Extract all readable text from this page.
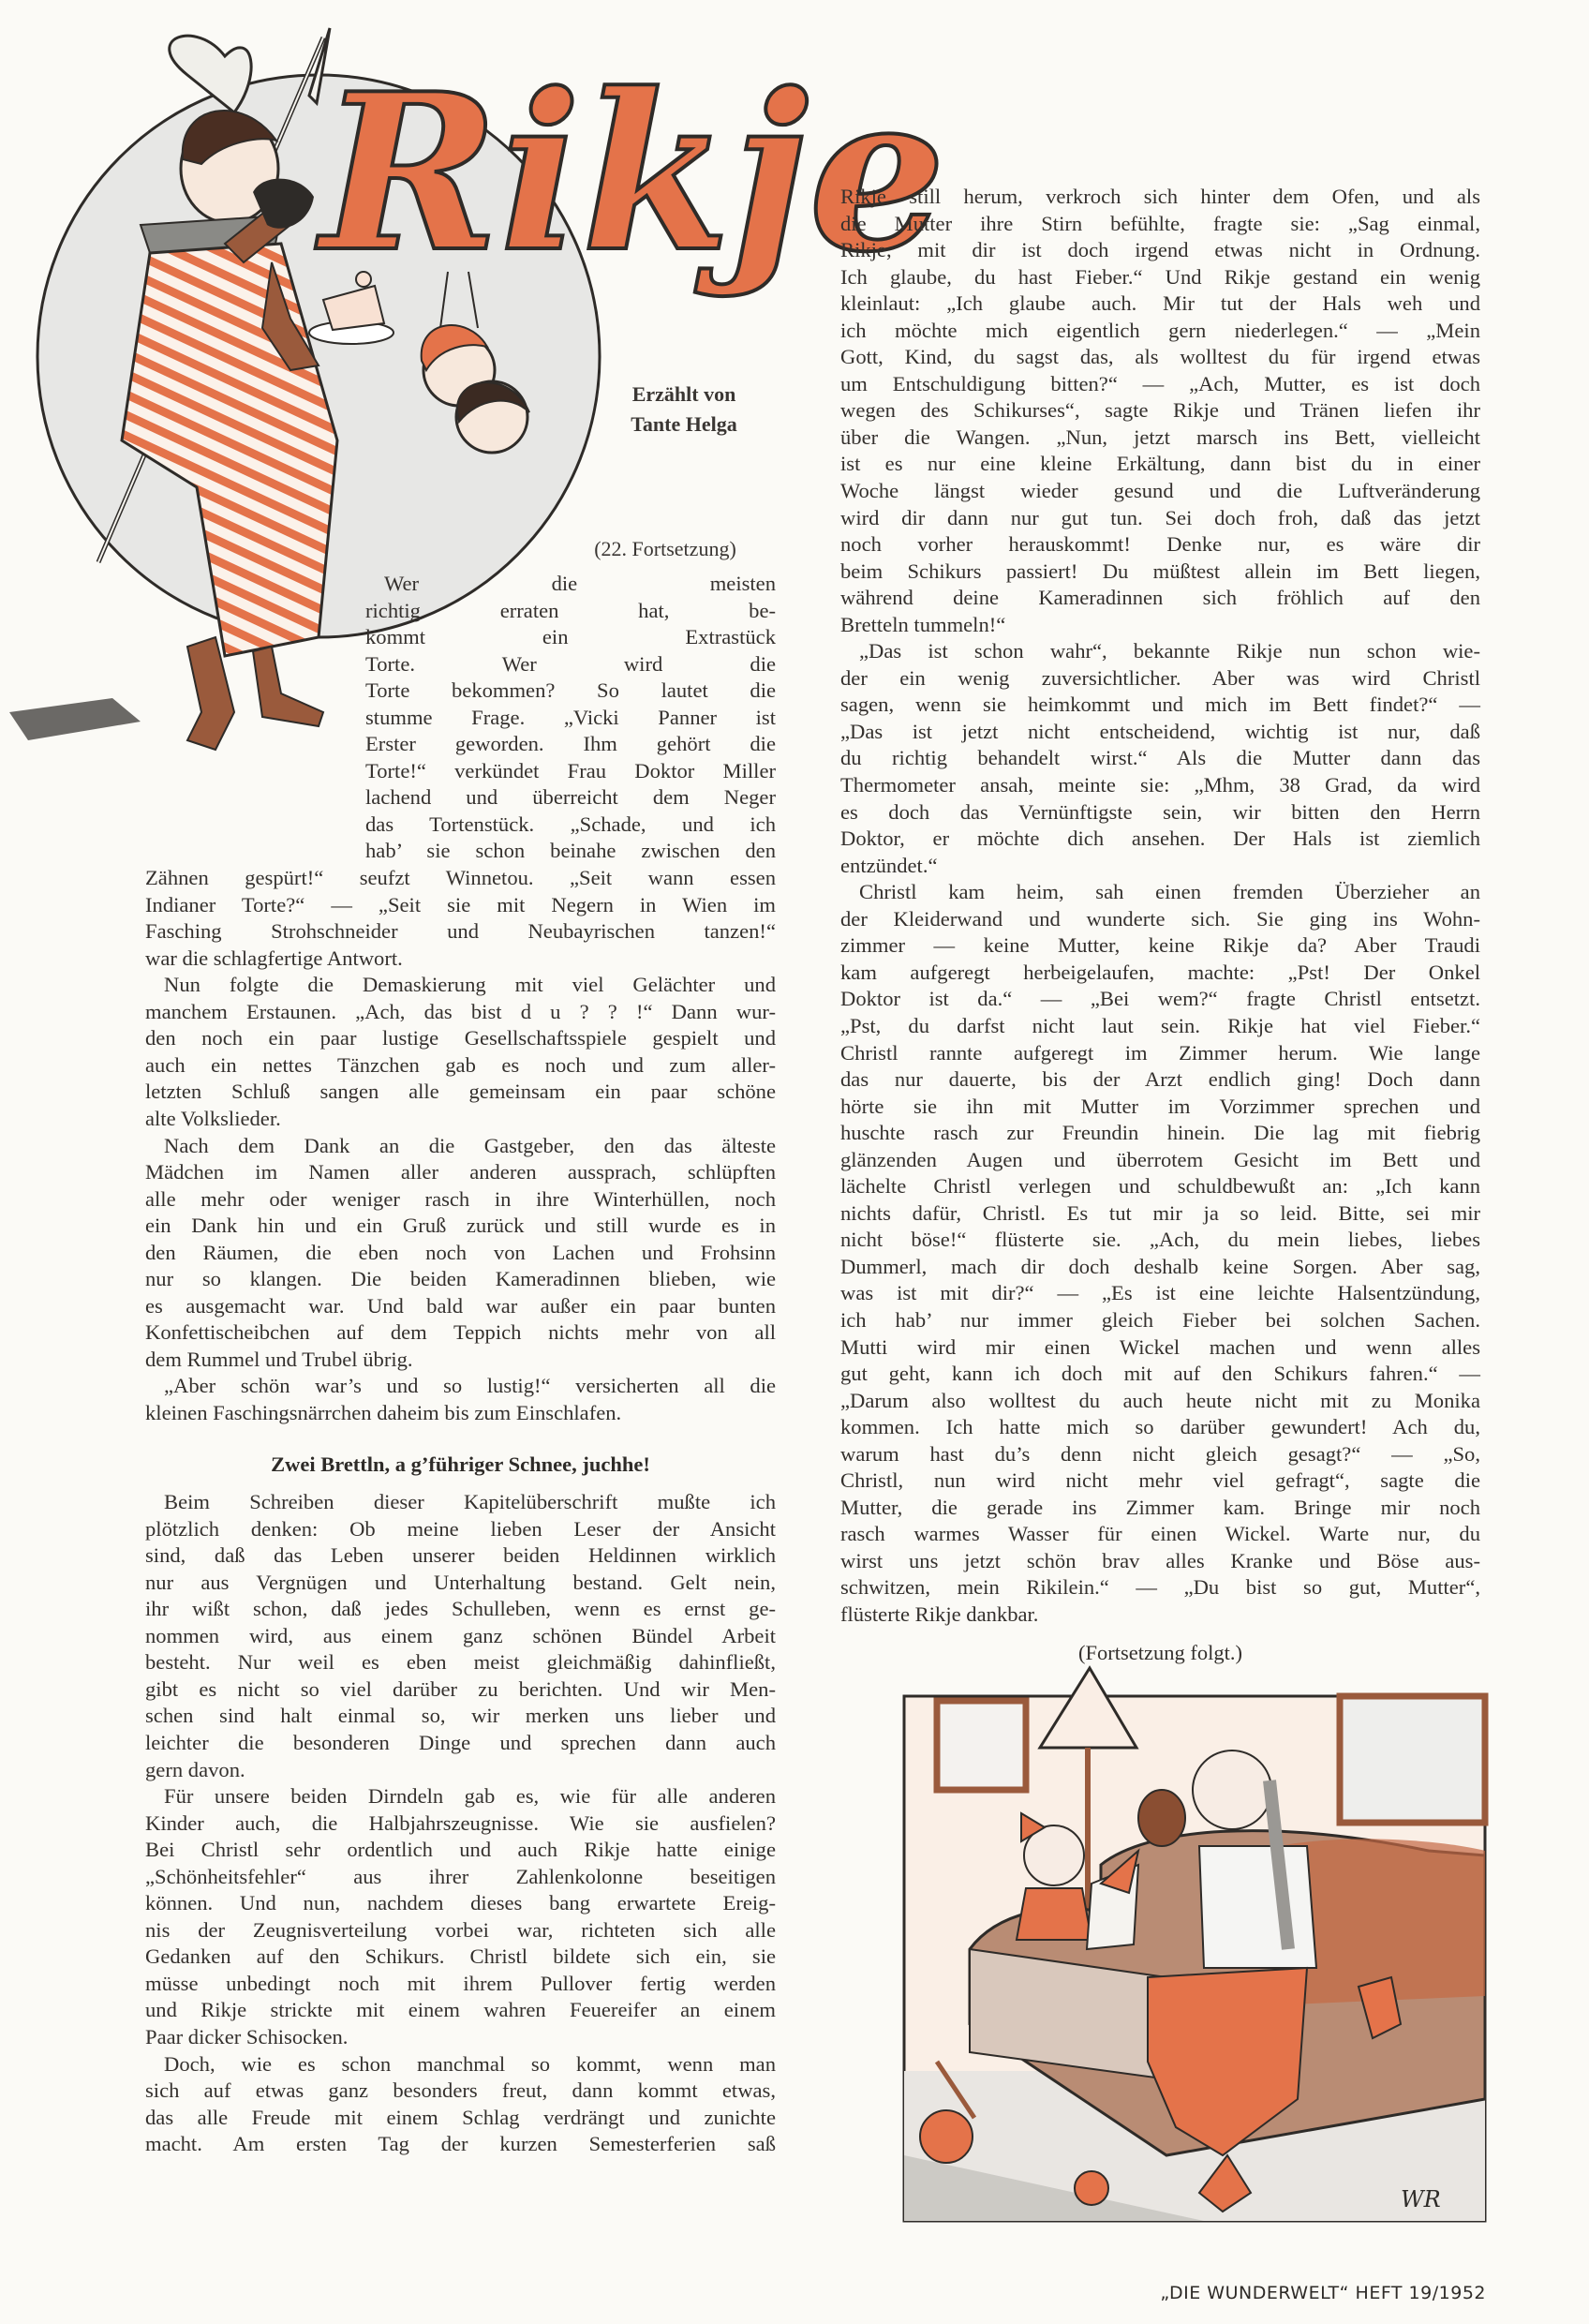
Rikje
Erzählt von
Tante Helga
(22. Fortsetzung)
Wer die meisten
richtig erraten hat, be-
kommt ein Extrastück
Torte. Wer wird die
Torte bekommen? So lautet die
stumme Frage. „Vicki Panner ist
Erster geworden. Ihm gehört die
Torte!“ verkündet Frau Doktor Miller
lachend und überreicht dem Neger
das Tortenstück. „Schade, und ich
hab’ sie schon beinahe zwischen den
Zähnen gespürt!“ seufzt Winnetou. „Seit wann essen
Indianer Torte?“ — „Seit sie mit Negern in Wien im
Fasching Strohschneider und Neubayrischen tanzen!“
war die schlagfertige Antwort.
Nun folgte die Demaskierung mit viel Gelächter und
manchem Erstaunen. „Ach, das bist d u ? ? !“ Dann wur-
den noch ein paar lustige Gesellschaftsspiele gespielt und
auch ein nettes Tänzchen gab es noch und zum aller-
letzten Schluß sangen alle gemeinsam ein paar schöne
alte Volkslieder.
Nach dem Dank an die Gastgeber, den das älteste
Mädchen im Namen aller anderen aussprach, schlüpften
alle mehr oder weniger rasch in ihre Winterhüllen, noch
ein Dank hin und ein Gruß zurück und still wurde es in
den Räumen, die eben noch von Lachen und Frohsinn
nur so klangen. Die beiden Kameradinnen blieben, wie
es ausgemacht war. Und bald war außer ein paar bunten
Konfettischeibchen auf dem Teppich nichts mehr von all
dem Rummel und Trubel übrig.
„Aber schön war’s und so lustig!“ versicherten all die
kleinen Faschingsnärrchen daheim bis zum Einschlafen.
Zwei Brettln, a g’führiger Schnee, juchhe!
Beim Schreiben dieser Kapitelüberschrift mußte ich
plötzlich denken: Ob meine lieben Leser der Ansicht
sind, daß das Leben unserer beiden Heldinnen wirklich
nur aus Vergnügen und Unterhaltung bestand. Gelt nein,
ihr wißt schon, daß jedes Schulleben, wenn es ernst ge-
nommen wird, aus einem ganz schönen Bündel Arbeit
besteht. Nur weil es eben meist gleichmäßig dahinfließt,
gibt es nicht so viel darüber zu berichten. Und wir Men-
schen sind halt einmal so, wir merken uns lieber und
leichter die besonderen Dinge und sprechen dann auch
gern davon.
Für unsere beiden Dirndeln gab es, wie für alle anderen
Kinder auch, die Halbjahrszeugnisse. Wie sie ausfielen?
Bei Christl sehr ordentlich und auch Rikje hatte einige
„Schönheitsfehler“ aus ihrer Zahlenkolonne beseitigen
können. Und nun, nachdem dieses bang erwartete Ereig-
nis der Zeugnisverteilung vorbei war, richteten sich alle
Gedanken auf den Schikurs. Christl bildete sich ein, sie
müsse unbedingt noch mit ihrem Pullover fertig werden
und Rikje strickte mit einem wahren Feuereifer an einem
Paar dicker Schisocken.
Doch, wie es schon manchmal so kommt, wenn man
sich auf etwas ganz besonders freut, dann kommt etwas,
das alle Freude mit einem Schlag verdrängt und zunichte
macht. Am ersten Tag der kurzen Semesterferien saß
Rikje still herum, verkroch sich hinter dem Ofen, und als
die Mutter ihre Stirn befühlte, fragte sie: „Sag einmal,
Rikje, mit dir ist doch irgend etwas nicht in Ordnung.
Ich glaube, du hast Fieber.“ Und Rikje gestand ein wenig
kleinlaut: „Ich glaube auch. Mir tut der Hals weh und
ich möchte mich eigentlich gern niederlegen.“ — „Mein
Gott, Kind, du sagst das, als wolltest du für irgend etwas
um Entschuldigung bitten?“ — „Ach, Mutter, es ist doch
wegen des Schikurses“, sagte Rikje und Tränen liefen ihr
über die Wangen. „Nun, jetzt marsch ins Bett, vielleicht
ist es nur eine kleine Erkältung, dann bist du in einer
Woche längst wieder gesund und die Luftveränderung
wird dir dann nur gut tun. Sei doch froh, daß das jetzt
noch vorher herauskommt! Denke nur, es wäre dir
beim Schikurs passiert! Du müßtest allein im Bett liegen,
während deine Kameradinnen sich fröhlich auf den
Bretteln tummeln!“
„Das ist schon wahr“, bekannte Rikje nun schon wie-
der ein wenig zuversichtlicher. Aber was wird Christl
sagen, wenn sie heimkommt und mich im Bett findet?“ —
„Das ist jetzt nicht entscheidend, wichtig ist nur, daß
du richtig behandelt wirst.“ Als die Mutter dann das
Thermometer ansah, meinte sie: „Mhm, 38 Grad, da wird
es doch das Vernünftigste sein, wir bitten den Herrn
Doktor, er möchte dich ansehen. Der Hals ist ziemlich
entzündet.“
Christl kam heim, sah einen fremden Überzieher an
der Kleiderwand und wunderte sich. Sie ging ins Wohn-
zimmer — keine Mutter, keine Rikje da? Aber Traudi
kam aufgeregt herbeigelaufen, machte: „Pst! Der Onkel
Doktor ist da.“ — „Bei wem?“ fragte Christl entsetzt.
„Pst, du darfst nicht laut sein. Rikje hat viel Fieber.“
Christl rannte aufgeregt im Zimmer herum. Wie lange
das nur dauerte, bis der Arzt endlich ging! Doch dann
hörte sie ihn mit Mutter im Vorzimmer sprechen und
huschte rasch zur Freundin hinein. Die lag mit fiebrig
glänzenden Augen und überrotem Gesicht im Bett und
lächelte Christl verlegen und schuldbewußt an: „Ich kann
nichts dafür, Christl. Es tut mir ja so leid. Bitte, sei mir
nicht böse!“ flüsterte sie. „Ach, du mein liebes, liebes
Dummerl, mach dir doch deshalb keine Sorgen. Aber sag,
was ist mit dir?“ — „Es ist eine leichte Halsentzündung,
ich hab’ nur immer gleich Fieber bei solchen Sachen.
Mutti wird mir einen Wickel machen und wenn alles
gut geht, kann ich doch mit auf den Schikurs fahren.“ —
„Darum also wolltest du auch heute nicht mit zu Monika
kommen. Ich hatte mich so darüber gewundert! Ach du,
warum hast du’s denn nicht gleich gesagt?“ — „So,
Christl, nun wird nicht mehr viel gefragt“, sagte die
Mutter, die gerade ins Zimmer kam. Bringe mir noch
rasch warmes Wasser für einen Wickel. Warte nur, du
wirst uns jetzt schön brav alles Kranke und Böse aus-
schwitzen, mein Rikilein.“ — „Du bist so gut, Mutter“,
flüsterte Rikje dankbar.
(Fortsetzung folgt.)
WR
„DIE WUNDERWELT“ HEFT 19/1952
